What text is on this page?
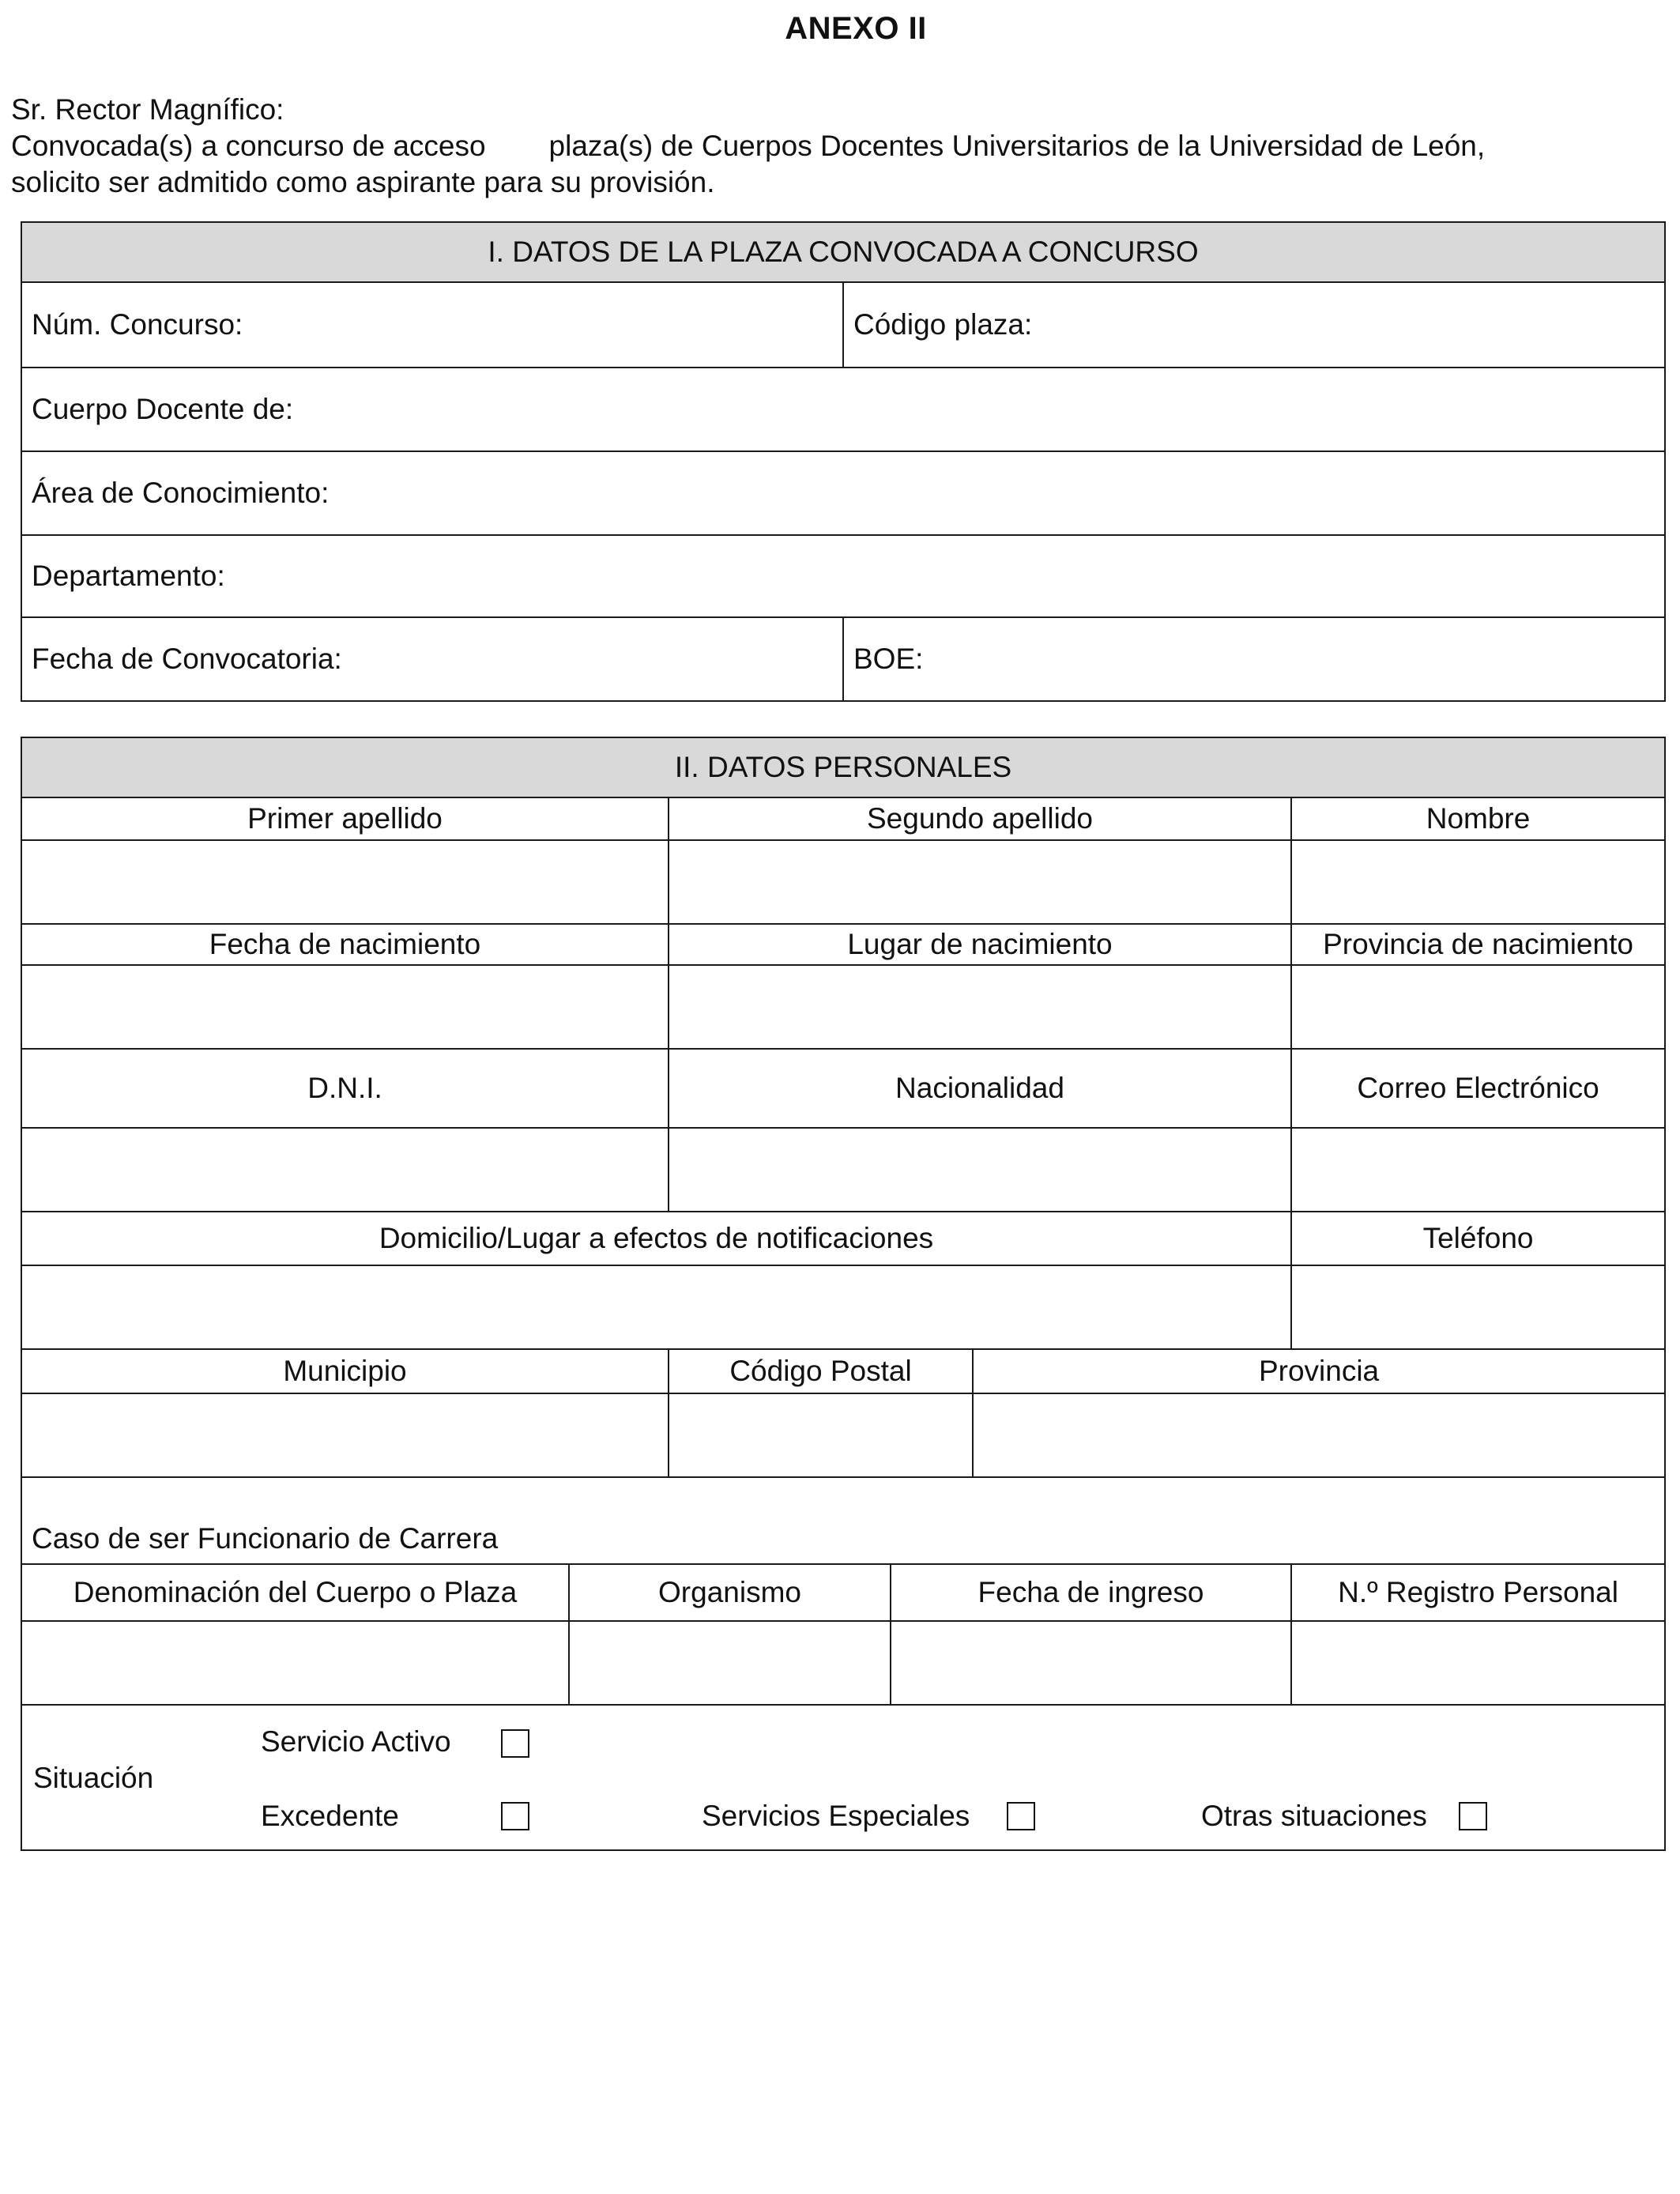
ANEXO II
Sr. Rector Magnífico:
Convocada(s) a concurso de acceso plaza(s) de Cuerpos Docentes Universitarios de la Universidad de León,
solicito ser admitido como aspirante para su provisión.
I. DATOS DE LA PLAZA CONVOCADA A CONCURSO	
Núm. Concurso:	Código plaza:
Cuerpo Docente de:	
Área de Conocimiento:	
Departamento:	
Fecha de Convocatoria:	BOE:
II. DATOS PERSONALES					
Primer apellido		Segundo apellido			Nombre

Fecha de nacimiento		Lugar de nacimiento			Provincia de nacimiento

D.N.I.		Nacionalidad			Correo Electrónico

Domicilio/Lugar a efectos de notificaciones					Teléfono

Municipio		Código Postal		Provincia	

Caso de ser Funcionario de Carrera					
Denominación del Cuerpo o Plaza	Organismo		Fecha de ingreso		N.º Registro Personal

Situación
Servicio Activo
Excedente Servicios Especiales Otras situaciones					
